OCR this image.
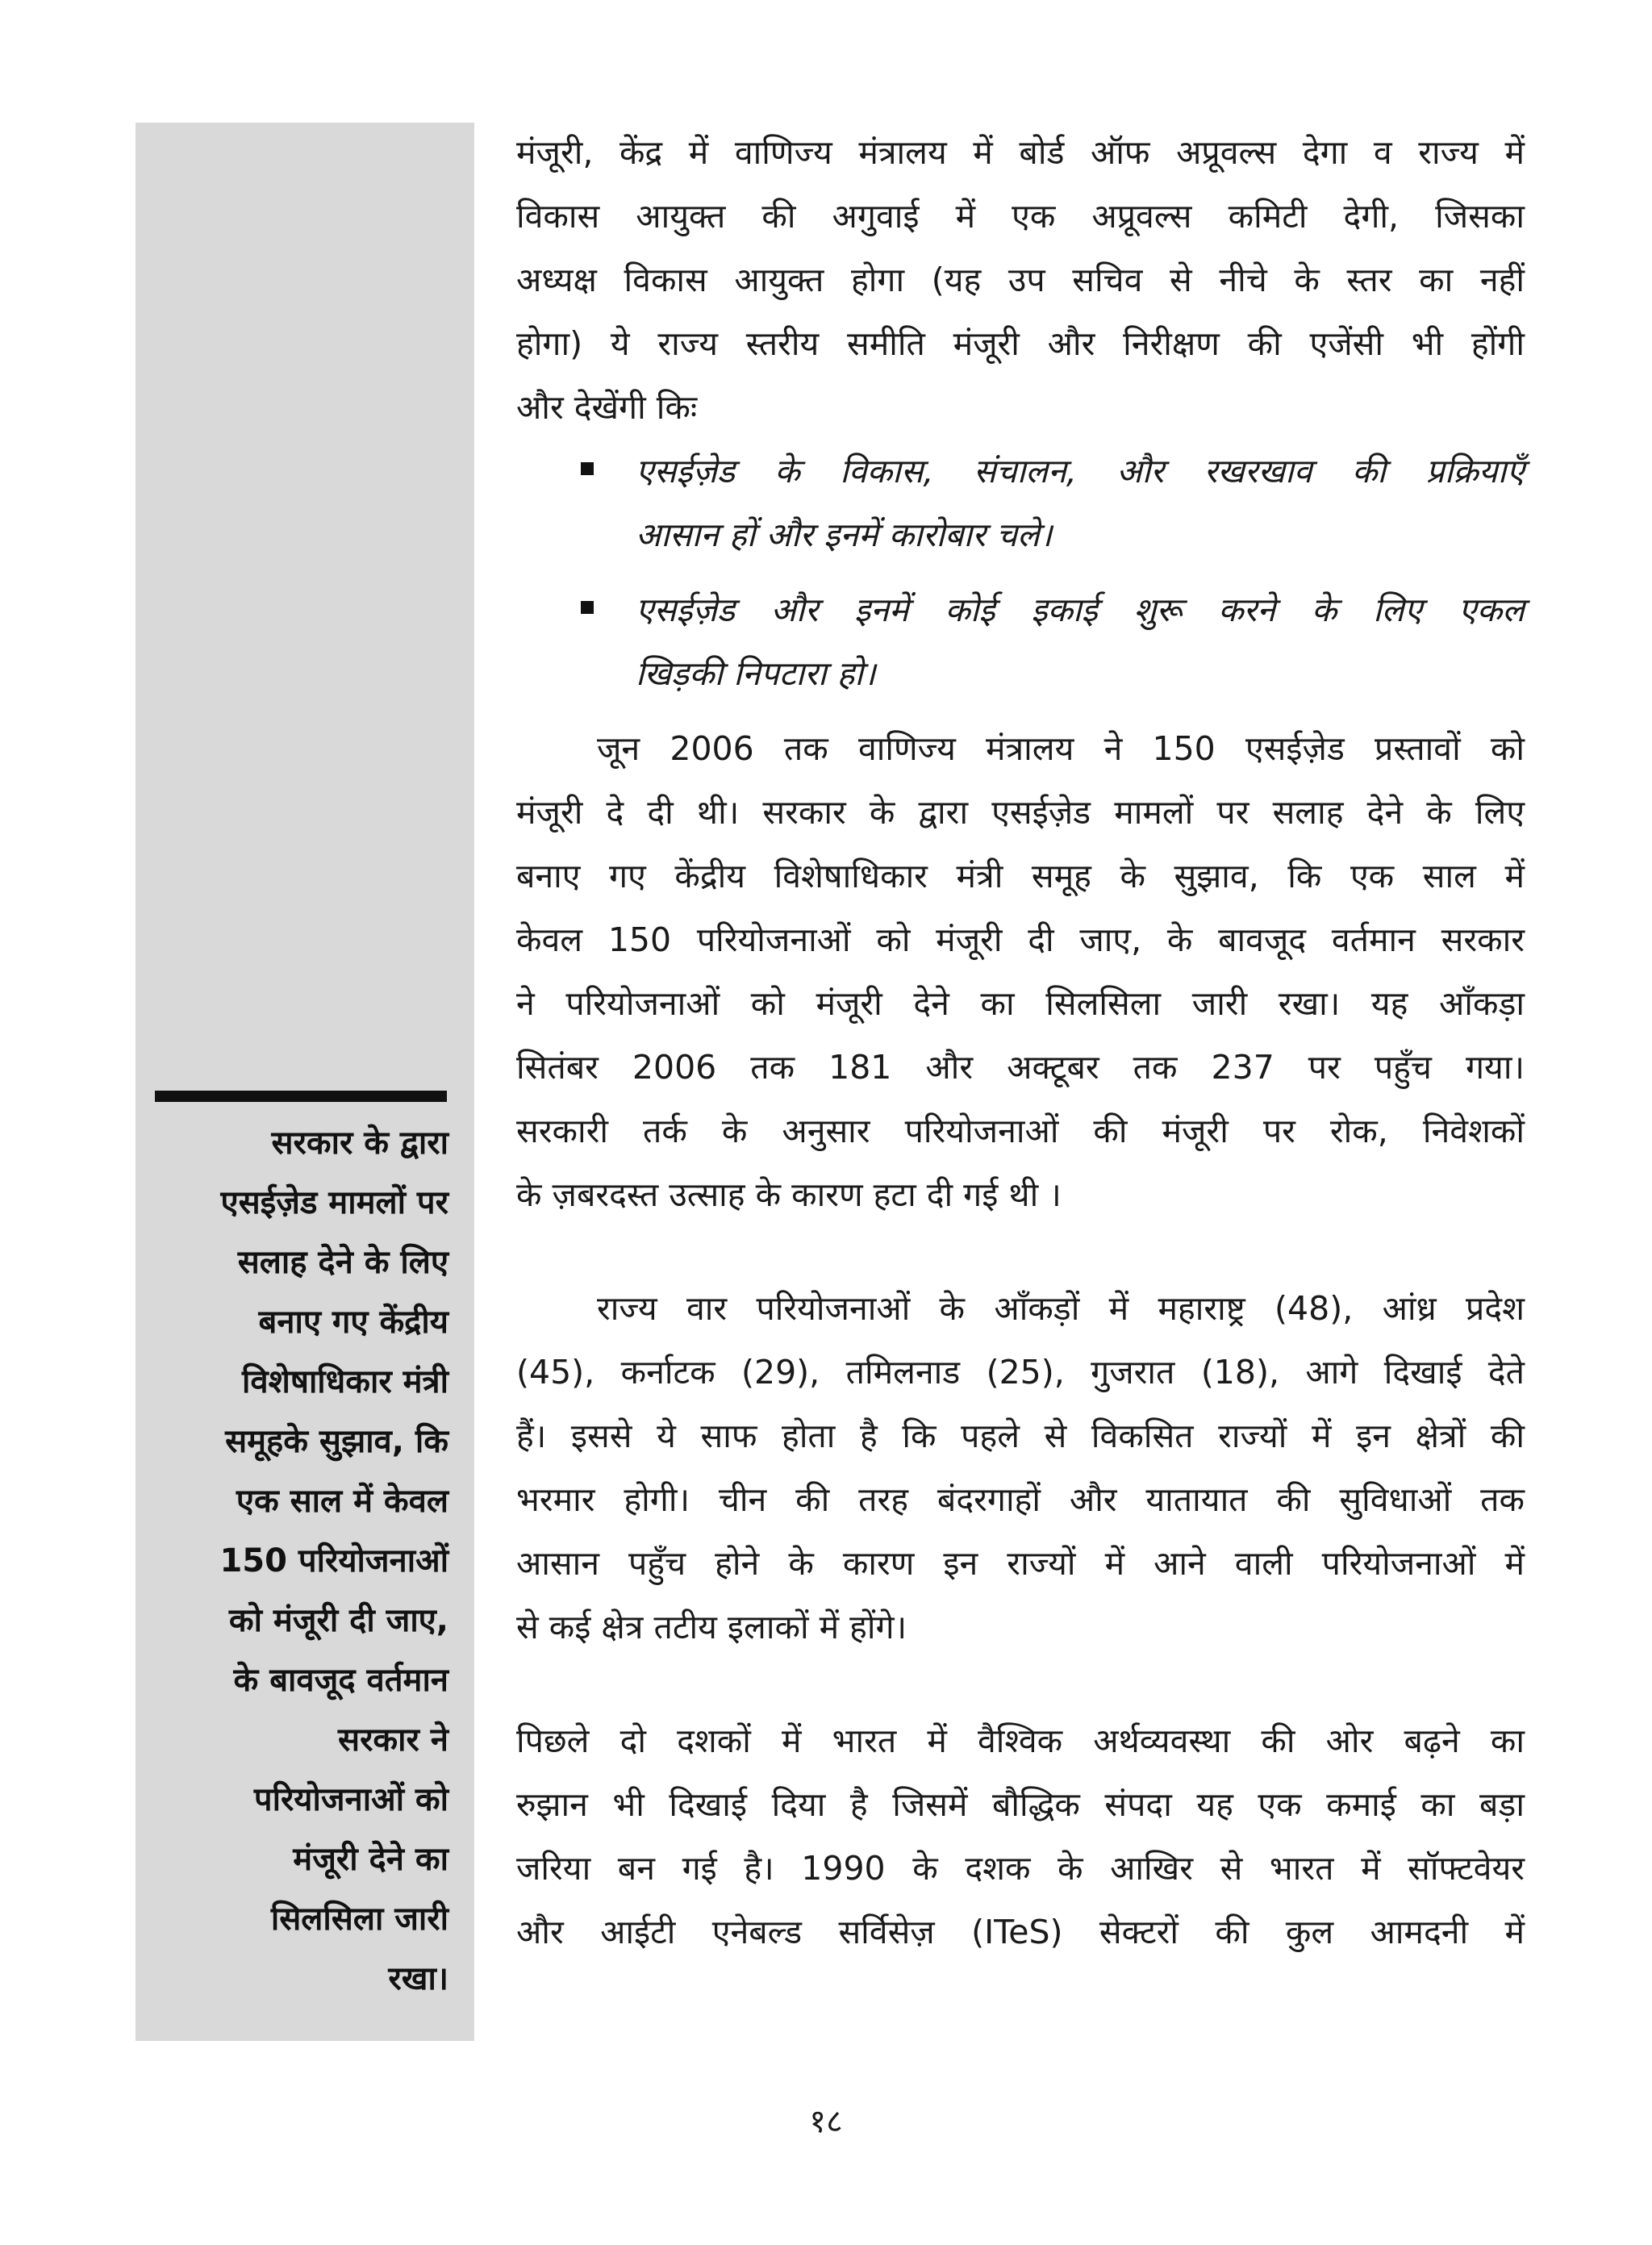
सरकार के द्वारा
एसईज़ेड मामलों पर
सलाह देने के लिए
बनाए गए केंद्रीय
विशेषाधिकार मंत्री
समूहके सुझाव, कि
एक साल में केवल
150 परियोजनाओं
को मंजूरी दी जाए,
के बावजूद वर्तमान
सरकार ने
परियोजनाओं को
मंजूरी देने का
सिलसिला जारी
रखा।
मंजूरी, केंद्र में वाणिज्य मंत्रालय में बोर्ड ऑफ अप्रूवल्स देगा व राज्य में
विकास आयुक्त की अगुवाई में एक अप्रूवल्स कमिटी देगी, जिसका
अध्यक्ष विकास आयुक्त होगा (यह उप सचिव से नीचे के स्तर का नहीं
होगा) ये राज्य स्तरीय समीति मंजूरी और निरीक्षण की एजेंसी भी होंगी
और देखेंगी किः
एसईज़ेड के विकास, संचालन, और रखरखाव की प्रक्रियाएँ
आसान हों और इनमें कारोबार चले।
एसईज़ेड और इनमें कोई इकाई शुरू करने के लिए एकल
खिड़की निपटारा हो।
जून 2006 तक वाणिज्य मंत्रालय ने 150 एसईज़ेड प्रस्तावों को
मंजूरी दे दी थी। सरकार के द्वारा एसईज़ेड मामलों पर सलाह देने के लिए
बनाए गए केंद्रीय विशेषाधिकार मंत्री समूह के सुझाव, कि एक साल में
केवल 150 परियोजनाओं को मंजूरी दी जाए, के बावजूद वर्तमान सरकार
ने परियोजनाओं को मंजूरी देने का सिलसिला जारी रखा। यह आँकड़ा
सितंबर 2006 तक 181 और अक्टूबर तक 237 पर पहुँच गया।
सरकारी तर्क के अनुसार परियोजनाओं की मंजूरी पर रोक, निवेशकों
के ज़बरदस्त उत्साह के कारण हटा दी गई थी ।
राज्य वार परियोजनाओं के आँकड़ों में महाराष्ट्र (48), आंध्र प्रदेश
(45), कर्नाटक (29), तमिलनाड (25), गुजरात (18), आगे दिखाई देते
हैं। इससे ये साफ होता है कि पहले से विकसित राज्यों में इन क्षेत्रों की
भरमार होगी। चीन की तरह बंदरगाहों और यातायात की सुविधाओं तक
आसान पहुँच होने के कारण इन राज्यों में आने वाली परियोजनाओं में
से कई क्षेत्र तटीय इलाकों में होंगे।
पिछले दो दशकों में भारत में वैश्विक अर्थव्यवस्था की ओर बढ़ने का
रुझान भी दिखाई दिया है जिसमें बौद्धिक संपदा यह एक कमाई का बड़ा
जरिया बन गई है। 1990 के दशक के आखिर से भारत में सॉफ्टवेयर
और आईटी एनेबल्ड सर्विसेज़ (ITeS) सेक्टरों की कुल आमदनी में
१८
